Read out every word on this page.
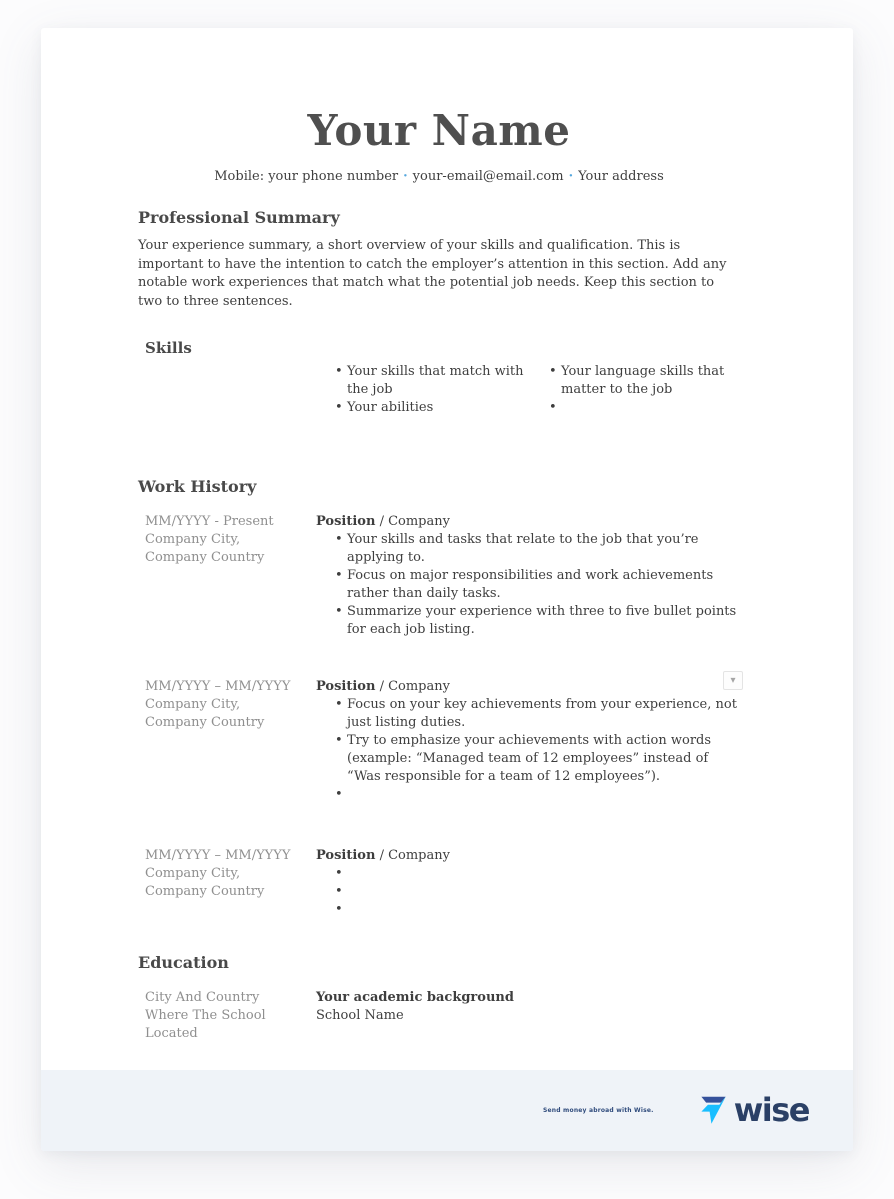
Your Name
Mobile: your phone number · your-email@email.com · Your address
Professional Summary

Your experience summary, a short overview of your skills and qualification. This is important to have the intention to catch the employer’s attention in this section. Add any notable work experiences that match what the potential job needs. Keep this section to two to three sentences.

Skills
• Your skills that match with the job
• Your abilities
• Your language skills that matter to the job
•
Work History
MM/YYYY - Present
Company City, Company Country
Position / Company
• Your skills and tasks that relate to the job that you’re applying to.
• Focus on major responsibilities and work achievements rather than daily tasks.
• Summarize your experience with three to five bullet points for each job listing.
▾
MM/YYYY – MM/YYYY
Company City, Company Country
Position / Company
• Focus on your key achievements from your experience, not just listing duties.
• Try to emphasize your achievements with action words (example: “Managed team of 12 employees” instead of “Was responsible for a team of 12 employees”).
•
MM/YYYY – MM/YYYY
Company City, Company Country
Position / Company
•
•
•
Education
City And Country Where The School Located
Your academic background
School Name
Send money abroad with Wise.	wise
